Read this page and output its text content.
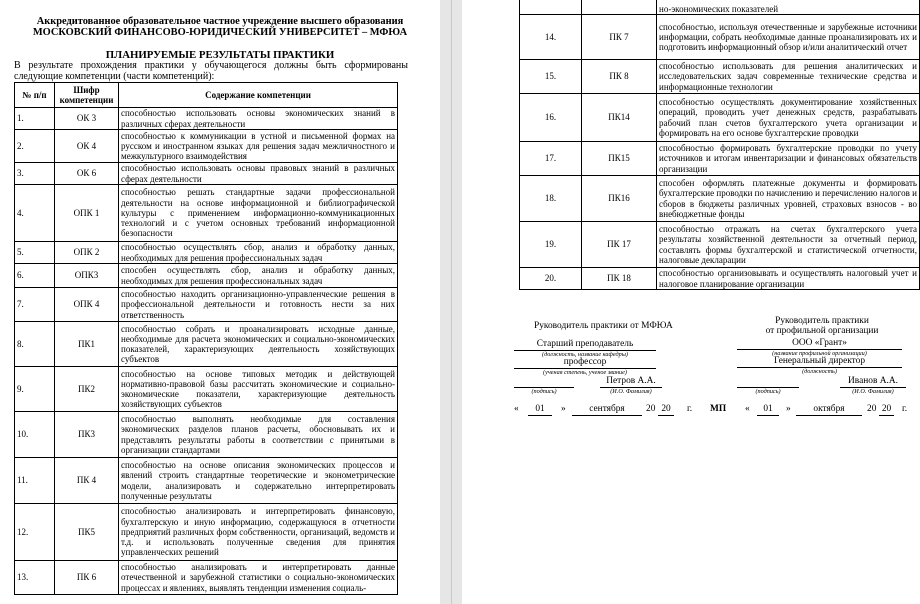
Аккредитованное образовательное частное учреждение высшего образования
МОСКОВСКИЙ ФИНАНСОВО-ЮРИДИЧЕСКИЙ УНИВЕРСИТЕТ – МФЮА
ПЛАНИРУЕМЫЕ РЕЗУЛЬТАТЫ ПРАКТИКИ
В результате прохождения практики у обучающегося должны быть сформированы следующие компетенции (части компетенций):
№ п/п	Шифр компетенции	Содержание компетенции
1.	ОК 3	способностью использовать основы экономических знаний в различных сферах деятельности
2.	ОК 4	способностью к коммуникации в устной и письменной формах на русском и иностранном языках для решения задач межличностного и межкультурного взаимодействия
3.	ОК 6	способностью использовать основы правовых знаний в различных сферах деятельности
4.	ОПК 1	способностью решать стандартные задачи профессиональной деятельности на основе информационной и библиографической культуры с применением информационно-коммуникационных технологий и с учетом основных требований информационной безопасности
5.	ОПК 2	способностью осуществлять сбор, анализ и обработку данных, необходимых для решения профессиональных задач
6.	ОПК3	способен осуществлять сбор, анализ и обработку данных, необходимых для решения профессиональных задач
7.	ОПК 4	способностью находить организационно-управленческие решения в профессиональной деятельности и готовность нести за них ответственность
8.	ПК1	способностью собрать и проанализировать исходные данные, необходимые для расчета экономических и социально-экономических показателей, характеризующих деятельность хозяйствующих субъектов
9.	ПК2	способностью на основе типовых методик и действующей нормативно-правовой базы рассчитать экономические и социально-экономические показатели, характеризующие деятельность хозяйствующих субъектов
10.	ПК3	способностью выполнять необходимые для составления экономических разделов планов расчеты, обосновывать их и представлять результаты работы в соответствии с принятыми в организации стандартами
11.	ПК 4	способностью на основе описания экономических процессов и явлений строить стандартные теоретические и эконометрические модели, анализировать и содержательно интерпретировать полученные результаты
12.	ПК5	способностью анализировать и интерпретировать финансовую, бухгалтерскую и иную информацию, содержащуюся в отчетности предприятий различных форм собственности, организаций, ведомств и т.д. и использовать полученные сведения для принятия управленческих решений
13.	ПК 6	способностью анализировать и интерпретировать данные отечественной и зарубежной статистики о социально-экономических процессах и явлениях, выявлять тенденции изменения социаль-
		но-экономических показателей
14.	ПК 7	способностью, используя отечественные и зарубежные источники информации, собрать необходимые данные проанализировать их и подготовить информационный обзор и/или аналитический отчет
15.	ПК 8	способностью использовать для решения аналитических и исследовательских задач современные технические средства и информационные технологии
16.	ПК14	способностью осуществлять документирование хозяйственных операций, проводить учет денежных средств, разрабатывать рабочий план счетов бухгалтерского учета организации и формировать на его основе бухгалтерские проводки
17.	ПК15	способностью формировать бухгалтерские проводки по учету источников и итогам инвентаризации и финансовых обязательств организации
18.	ПК16	способен оформлять платежные документы и формировать бухгалтерские проводки по начислению и перечислению налогов и сборов в бюджеты различных уровней, страховых взносов - во внебюджетные фонды
19.	ПК 17	способностью отражать на счетах бухгалтерского учета результаты хозяйственной деятельности за отчетный период, составлять формы бухгалтерской и статистической отчетности, налоговые декларации
20.	ПК 18	способностью организовывать и осуществлять налоговый учет и налоговое планирование организации
Руководитель практики от МФЮА
Старший преподаватель
(должность, название кафедры)
профессор
(ученая степень, ученое звание)
Петров А.А.
(подпись)	(И.О. Фамилия)
«	01	»	сентября	20 20	г. МП
Руководитель практики
от профильной организации
ООО «Грант»
(название профильной организации)
Генеральный директор
(должность)
Иванов А.А.
(подпись)	(И.О. Фамилия)
«	01	»	октября	20 20 г.
